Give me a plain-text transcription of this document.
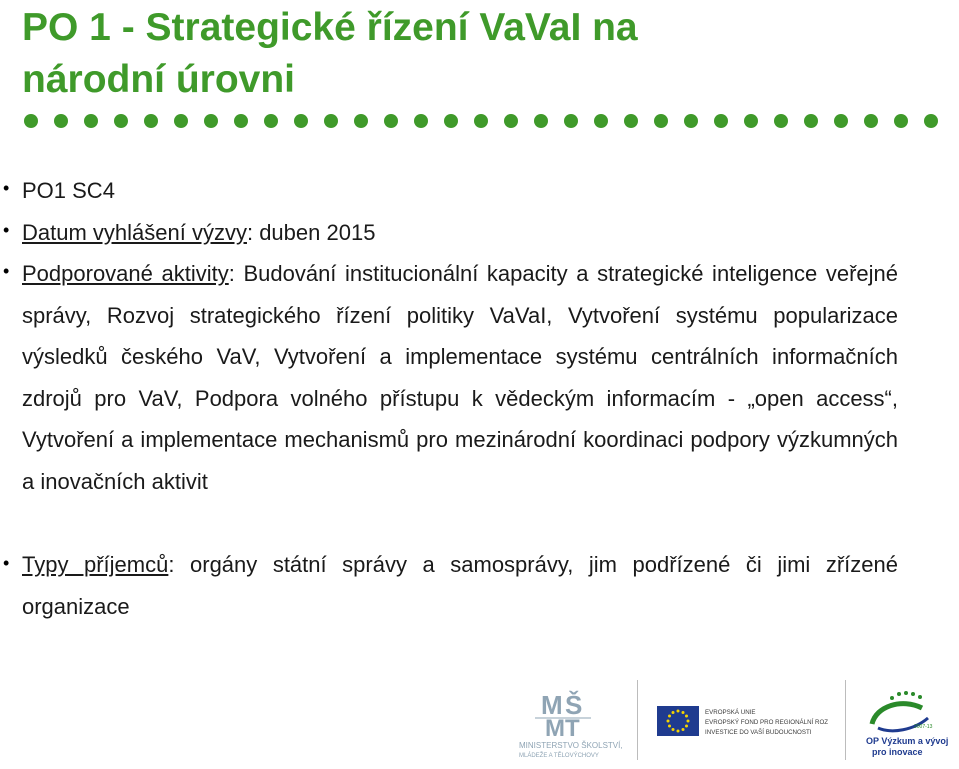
PO 1 - Strategické řízení VaVaI na
národní úrovni
• PO1 SC4
• Datum vyhlášení výzvy: duben 2015
• Podporované aktivity: Budování institucionální kapacity a strategické inteligence veřejné správy, Rozvoj strategického řízení politiky VaVaI, Vytvoření systému popularizace výsledků českého VaV, Vytvoření a implementace systému centrálních informačních zdrojů pro VaV, Podpora volného přístupu k vědeckým informacím - „open access“, Vytvoření a implementace mechanismů pro mezinárodní koordinaci podpory výzkumných a inovačních aktivit
• Typy příjemců: orgány státní správy a samosprávy, jim podřízené či jimi zřízené organizace
M Š
MT
MINISTERSTVO ŠKOLSTVÍ,
MLÁDEŽE A TĚLOVÝCHOVY
EVROPSKÁ UNIE
EVROPSKÝ FOND PRO REGIONÁLNÍ ROZVOJ
INVESTICE DO VAŠÍ BUDOUCNOSTI
2007-13
OP Výzkum a vývoj
pro inovace
